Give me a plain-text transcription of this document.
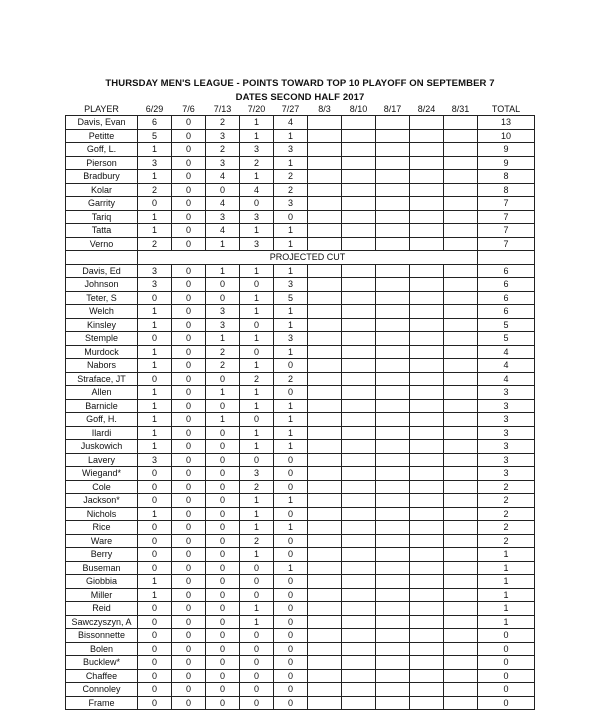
THURSDAY MEN'S LEAGUE - POINTS TOWARD TOP 10 PLAYOFF ON SEPTEMBER 7
DATES SECOND HALF 2017
PLAYER	6/29	7/6	7/13	7/20	7/27	8/3	8/10	8/17	8/24	8/31	TOTAL
Davis, Evan	6	0	2	1	4						13
Petitte	5	0	3	1	1						10
Goff, L.	1	0	2	3	3						9
Pierson	3	0	3	2	1						9
Bradbury	1	0	4	1	2						8
Kolar	2	0	0	4	2						8
Garrity	0	0	4	0	3						7
Tariq	1	0	3	3	0						7
Tatta	1	0	4	1	1						7
Verno	2	0	1	3	1						7
	PROJECTED CUT										
Davis, Ed	3	0	1	1	1						6
Johnson	3	0	0	0	3						6
Teter, S	0	0	0	1	5						6
Welch	1	0	3	1	1						6
Kinsley	1	0	3	0	1						5
Stemple	0	0	1	1	3						5
Murdock	1	0	2	0	1						4
Nabors	1	0	2	1	0						4
Straface, JT	0	0	0	2	2						4
Allen	1	0	1	1	0						3
Barnicle	1	0	0	1	1						3
Goff, H.	1	0	1	0	1						3
Ilardi	1	0	0	1	1						3
Juskowich	1	0	0	1	1						3
Lavery	3	0	0	0	0						3
Wiegand*	0	0	0	3	0						3
Cole	0	0	0	2	0						2
Jackson*	0	0	0	1	1						2
Nichols	1	0	0	1	0						2
Rice	0	0	0	1	1						2
Ware	0	0	0	2	0						2
Berry	0	0	0	1	0						1
Buseman	0	0	0	0	1						1
Giobbia	1	0	0	0	0						1
Miller	1	0	0	0	0						1
Reid	0	0	0	1	0						1
Sawczyszyn, A	0	0	0	1	0						1
Bissonnette	0	0	0	0	0						0
Bolen	0	0	0	0	0						0
Bucklew*	0	0	0	0	0						0
Chaffee	0	0	0	0	0						0
Connoley	0	0	0	0	0						0
Frame	0	0	0	0	0						0
